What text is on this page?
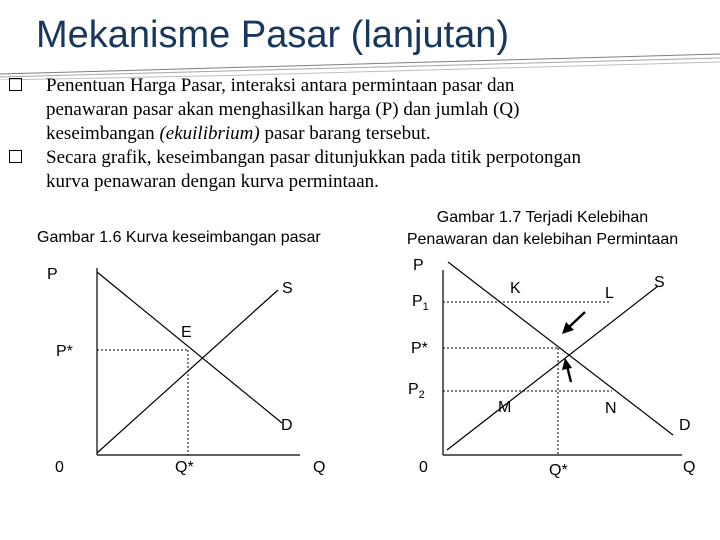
Mekanisme Pasar (lanjutan)
Penentuan Harga Pasar, interaksi antara permintaan pasar dan
penawaran pasar akan menghasilkan harga (P) dan jumlah (Q)
keseimbangan (ekuilibrium) pasar barang tersebut.
Secara grafik, keseimbangan pasar ditunjukkan pada titik perpotongan
kurva penawaran dengan kurva permintaan.
Gambar 1.6 Kurva keseimbangan pasar
P
S
E
P*
D
0	Q*	Q
Gambar 1.7 Terjadi Kelebihan
Penawaran dan kelebihan Permintaan
P
K	L
S
$P_1$
P*
$P_2$
M	N
D
0	Q*	Q
